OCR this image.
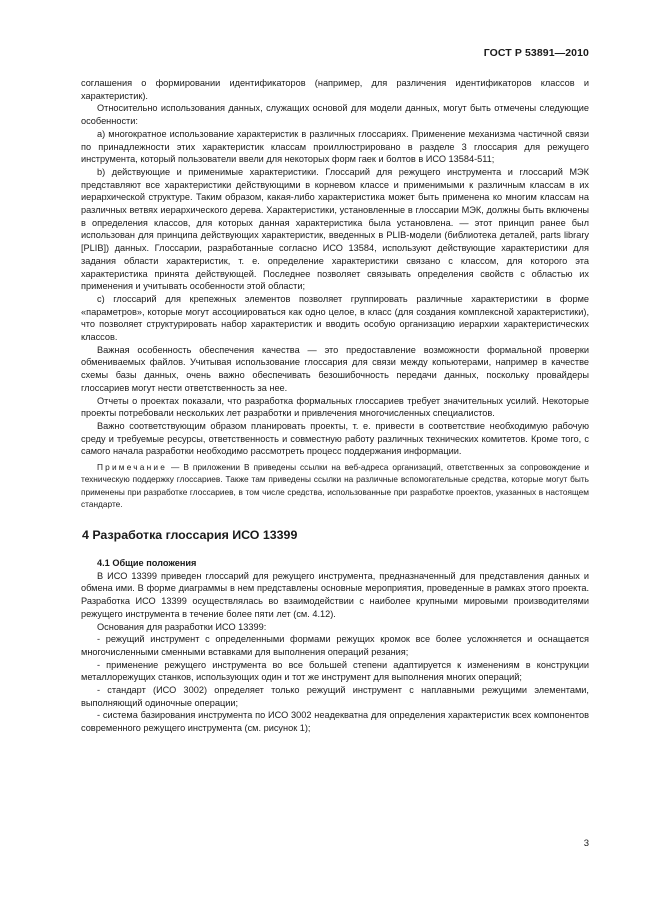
ГОСТ Р 53891—2010

соглашения о формировании идентификаторов (например, для различения идентификаторов классов и характеристик).

Относительно использования данных, служащих основой для модели данных, могут быть отмечены следующие особенности:

а) многократное использование характеристик в различных глоссариях. Применение механизма частичной связи по принадлежности этих характеристик классам проиллюстрировано в разделе 3 глоссария для режущего инструмента, который пользователи ввели для некоторых форм гаек и болтов в ИСО 13584-511;

b) действующие и применимые характеристики. Глоссарий для режущего инструмента и глоссарий МЭК представляют все характеристики действующими в корневом классе и применимыми к различным классам в их иерархической структуре. Таким образом, какая-либо характеристика может быть применена ко многим классам на различных ветвях иерархического дерева. Характеристики, установленные в глоссарии МЭК, должны быть включены в определения классов, для которых данная характеристика была установлена. — этот принцип ранее был использован для принципа действующих характеристик, введенных в PLIB-модели (библиотека деталей, parts library [PLIB]) данных. Глоссарии, разработанные согласно ИСО 13584, используют действующие характеристики для задания области характеристик, т. е. определение характеристики связано с классом, для которого эта характеристика принята действующей. Последнее позволяет связывать определения свойств с областью их применения и учитывать особенности этой области;

c) глоссарий для крепежных элементов позволяет группировать различные характеристики в форме «параметров», которые могут ассоциироваться как одно целое, в класс (для создания комплексной характеристики), что позволяет структурировать набор характеристик и вводить особую организацию иерархии характеристических классов.

Важная особенность обеспечения качества — это предоставление возможности формальной проверки обмениваемых файлов. Учитывая использование глоссария для связи между копьютерами, например в качестве схемы базы данных, очень важно обеспечивать безошибочность передачи данных, поскольку провайдеры глоссариев могут нести ответственность за нее.

Отчеты о проектах показали, что разработка формальных глоссариев требует значительных усилий. Некоторые проекты потребовали нескольких лет разработки и привлечения многочисленных специалистов.

Важно соответствующим образом планировать проекты, т. е. привести в соответствие необходимую рабочую среду и требуемые ресурсы, ответственность и совместную работу различных технических комитетов. Кроме того, с самого начала разработки необходимо рассмотреть процесс поддержания информации.

Примечание — В приложении В приведены ссылки на веб-адреса организаций, ответственных за сопровождение и техническую поддержку глоссариев. Также там приведены ссылки на различные вспомогательные средства, которые могут быть применены при разработке глоссариев, в том числе средства, использованные при разработке проектов, указанных в настоящем стандарте.

4 Разработка глоссария ИСО 13399

4.1 Общие положения

В ИСО 13399 приведен глоссарий для режущего инструмента, предназначенный для представления данных и обмена ими. В форме диаграммы в нем представлены основные мероприятия, проведенные в рамках этого проекта. Разработка ИСО 13399 осуществлялась во взаимодействии с наиболее крупными мировыми производителями режущего инструмента в течение более пяти лет (см. 4.12).

Основания для разработки ИСО 13399:

- режущий инструмент с определенными формами режущих кромок все более усложняется и оснащается многочисленными сменными вставками для выполнения операций резания;

- применение режущего инструмента во все большей степени адаптируется к изменениям в конструкции металлорежущих станков, использующих один и тот же инструмент для выполнения многих операций;

- стандарт (ИСО 3002) определяет только режущий инструмент с наплавными режущими элементами, выполняющий одиночные операции;

- система базирования инструмента по ИСО 3002 неадекватна для определения характеристик всех компонентов современного режущего инструмента (см. рисунок 1);

3
